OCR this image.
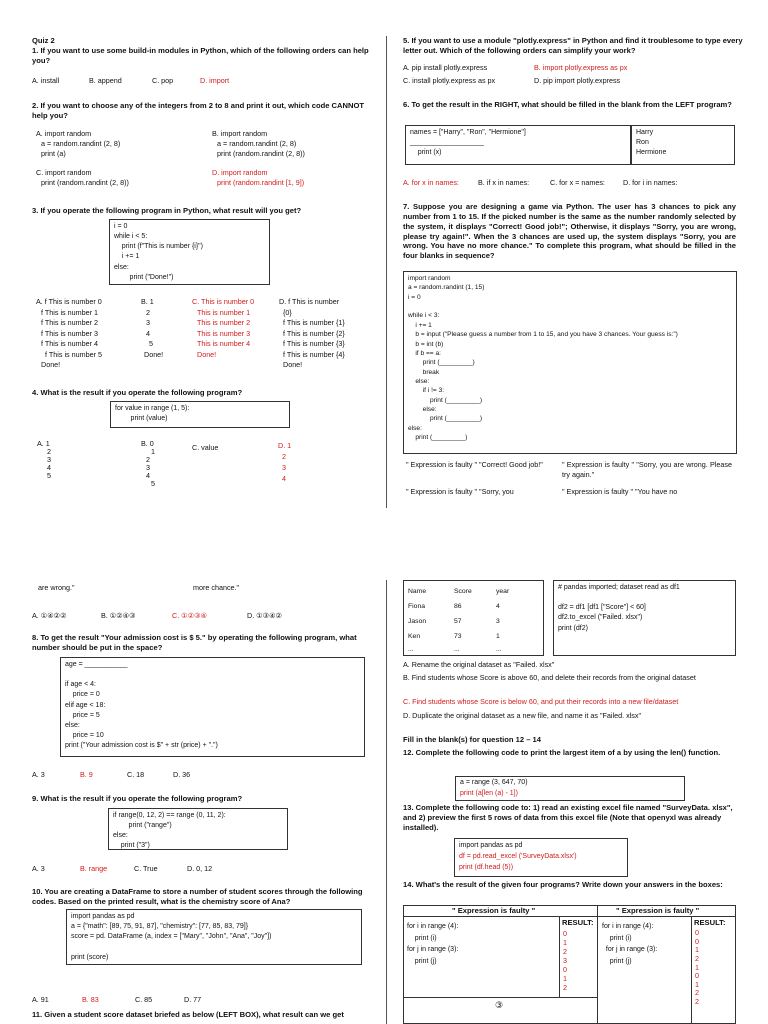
Quiz 2
1. If you want to use some build-in modules in Python, which of the following orders can help you?
A. install	B. append	C. pop	D. import
2. If you want to choose any of the integers from 2 to 8 and print it out, which code CANNOT help you?
A. import random
a = random.randint (2, 8)
print (a)
B. import random
a = random.randint (2, 8)
print (random.randint (2, 8))
C. import random
print (random.randint (2, 8))
D. import random
print (random.randint [1, 9])
3. If you operate the following program in Python, what result will you get?
i = 0
while i < 5:
print (f"This is number {i}")
i += 1
else:
print ("Done!")
A. f This is number 0
f This is number 1
f This is number 2
f This is number 3
f This is number 4
f This is number 5
Done!
B. 1
2
3
4
5
Done!
C. This is number 0
This is number 1
This is number 2
This is number 3
This is number 4
Done!
D. f This is number
{0}
f This is number {1}
f This is number {2}
f This is number {3}
f This is number {4}
Done!
4. What is the result if you operate the following program?
for value in range (1, 5):
print (value)
A. 1
2
3
4
5
B. 0
1
2
3
4
5
C. value	D. 1
2
3
4
5. If you want to use a module "plotly.express" in Python and find it troublesome to type every letter out. Which of the following orders can simplify your work?
A. pip install plotly.express	B. import plotly.express as px
C. install plotly.express as px	D. pip import plotly.express
6. To get the result in the RIGHT, what should be filled in the blank from the LEFT program?
names = ["Harry", "Ron", "Hermione"]
___________________
print (x)
Harry
Ron
Hermione
A. for x in names:	B. if x in names:	C. for x = names:	D. for i in names:
7. Suppose you are designing a game via Python. The user has 3 chances to pick any number from 1 to 15. If the picked number is the same as the number randomly selected by the system, it displays "Correct! Good job!"; Otherwise, it displays "Sorry, you are wrong, please try again!". When the 3 chances are used up, the system displays "Sorry, you are wrong. You have no more chance." To complete this program, what should be filled in the four blanks in sequence?
import random
a = random.randint (1, 15)
i = 0

while i < 3:
i += 1
b = input ("Please guess a number from 1 to 15, and you have 3 chances. Your guess is:")
b = int (b)
if b == a:
print (_________)
break
else:
if i != 3:
print (_________)
else:
print (_________)
else:
print (_________)
" Expression is faulty " "Correct! Good job!"	" Expression is faulty " "Sorry, you are wrong. Please try again."
" Expression is faulty " "Sorry, you	" Expression is faulty " "You have no
are wrong."	more chance."
A. ①④②②	B. ①②④③	C. ①②③④	D. ①③④②
8. To get the result "Your admission cost is $ 5." by operating the following program, what number should be put in the space?
age = ___________

if age < 4:
price = 0
elif age < 18:
price = 5
else:
price = 10
print ("Your admission cost is $" + str (price) + ".")
A. 3	B. 9	C. 18	D. 36
9. What is the result if you operate the following program?
if range(0, 12, 2) == range (0, 11, 2):
print ("range")
else:
print ("3")
A. 3	B. range	C. True	D. 0, 12
10. You are creating a DataFrame to store a number of student scores through the following codes. Based on the printed result, what is the chemistry score of Ana?
import pandas as pd
a = {"math": [89, 75, 91, 87], "chemistry": [77, 85, 83, 79]}
score = pd. DataFrame (a, index = ["Mary", "John", "Ana", "Joy"])

print (score)
A. 91	B. 83	C. 85	D. 77
11. Given a student score dataset briefed as below (LEFT BOX), what result can we get
Name	Score	year
Fiona	86	4
Jason	57	3
Ken	73	1
...	...	...
# pandas imported; dataset read as df1

df2 = df1 [df1 ["Score"] < 60]
df2.to_excel ("Failed. xlsx")
print (df2)
A. Rename the original dataset as "Failed. xlsx"
B. Find students whose Score is above 60, and delete their records from the original dataset
C. Find students whose Score is below 60, and put their records into a new file/dataset
D. Duplicate the original dataset as a new file, and name it as "Failed. xlsx"
Fill in the blank(s) for question 12 – 14
12. Complete the following code to print the largest item of a by using the len() function.
a = range (3, 647, 70)
print (a[len (a) - 1])
13. Complete the following code to: 1) read an existing excel file named "SurveyData. xlsx", and 2) preview the first 5 rows of data from this excel file (Note that openyxl was already installed).
import pandas as pd
df = pd.read_excel ('SurveyData.xlsx')
print (df.head (5))
14. What's the result of the given four programs? Write down your answers in the boxes:
" Expression is faulty "	" Expression is faulty "
for i in range (4):
print (i)
for j in range (3):
print (j)
RESULT:
0
1
2
3
0
1
2
for i in range (4):
print (i)
for j in range (3):
print (j)
RESULT:
0
0
1
2
1
0
1
2
2
③
